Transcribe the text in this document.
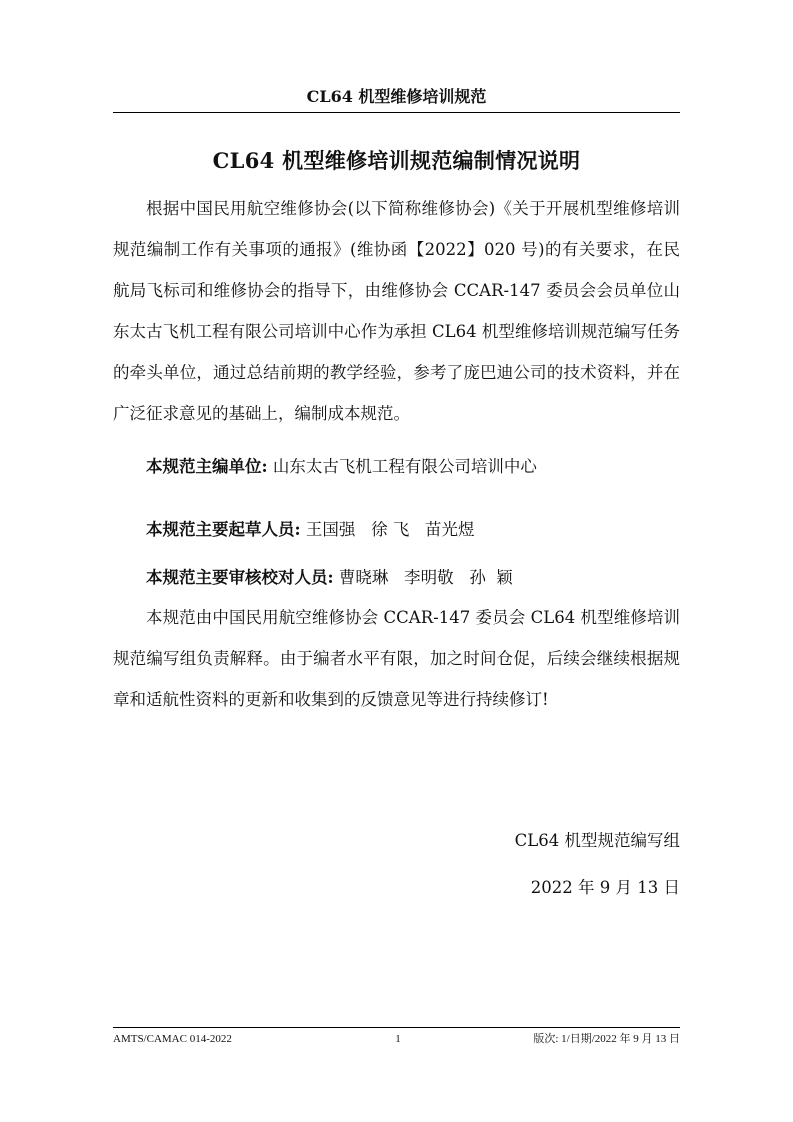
CL64 机型维修培训规范
CL64 机型维修培训规范编制情况说明

根据中国民用航空维修协会(以下简称维修协会)《关于开展机型维修培训规范编制工作有关事项的通报》(维协函【2022】020 号)的有关要求，在民航局飞标司和维修协会的指导下，由维修协会 CCAR-147 委员会会员单位山东太古飞机工程有限公司培训中心作为承担 CL64 机型维修培训规范编写任务的牵头单位，通过总结前期的教学经验，参考了庞巴迪公司的技术资料，并在广泛征求意见的基础上，编制成本规范。

本规范主编单位: 山东太古飞机工程有限公司培训中心
本规范主要起草人员: 王国强   徐 飞   苗光煜
本规范主要审核校对人员: 曹晓琳   李明敬   孙  颖

本规范由中国民用航空维修协会 CCAR-147 委员会 CL64 机型维修培训规范编写组负责解释。由于编者水平有限，加之时间仓促，后续会继续根据规章和适航性资料的更新和收集到的反馈意见等进行持续修订!

CL64 机型规范编写组
2022 年 9 月 13 日
AMTS/CAMAC 014-2022	1	版次: 1/日期/2022 年 9 月 13 日
